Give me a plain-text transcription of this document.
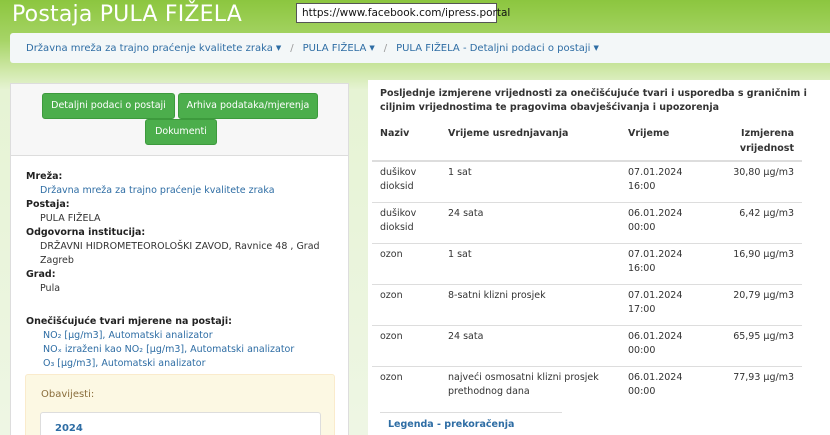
Postaja PULA FIŽELA	https://www.facebook.com/ipress.portal
Državna mreža za trajno praćenje kvalitete zraka ▼ / PULA FIŽELA ▼ / PULA FIŽELA - Detaljni podaci o postaji ▼
Detaljni podaci o postaji	Arhiva podataka/mjerenja
Dokumenti
Mreža:
Državna mreža za trajno praćenje kvalitete zraka
Postaja:
PULA FIŽELA
Odgovorna institucija:
DRŽAVNI HIDROMETEOROLOŠKI ZAVOD, Ravnice 48 , Grad Zagreb
Grad:
Pula
Onečišćujuće tvari mjerene na postaji:
NO₂ [µg/m3], Automatski analizator
NOₓ izraženi kao NO₂ [µg/m3], Automatski analizator
O₃ [µg/m3], Automatski analizator
Obavijesti:
2024
Posljednje izmjerene vrijednosti za onečišćujuće tvari i usporedba s graničnim i ciljnim vrijednostima te pragovima obavješćivanja i upozorenja
Naziv	Vrijeme usrednjavanja	Vrijeme	Izmjerena vrijednost
dušikov dioksid	1 sat	07.01.2024 16:00	30,80 µg/m3
dušikov dioksid	24 sata	06.01.2024 00:00	6,42 µg/m3
ozon	1 sat	07.01.2024 16:00	16,90 µg/m3
ozon	8-satni klizni prosjek	07.01.2024 17:00	20,79 µg/m3
ozon	24 sata	06.01.2024 00:00	65,95 µg/m3
ozon	najveći osmosatni klizni prosjek prethodnog dana	06.01.2024 00:00	77,93 µg/m3
Legenda - prekoračenja
